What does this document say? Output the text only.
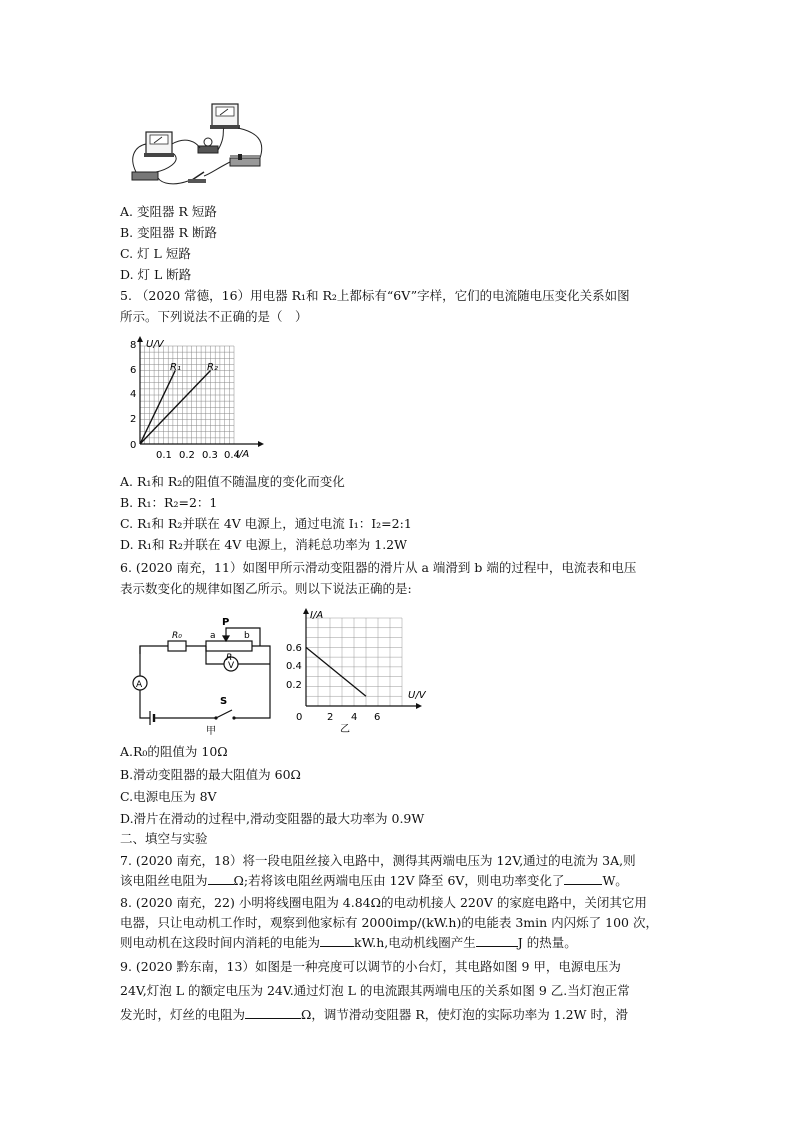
A. 变阻器 R 短路
B. 变阻器 R 断路
C. 灯 L 短路
D. 灯 L 断路
5. （2020 常德，16）用电器 R₁和 R₂上都标有“6V”字样，它们的电流随电压变化关系如图
所示。下列说法不正确的是（　）
U/V
I/A
0
8
6
4
2
0.1 0.2 0.3 0.4
R₁	R₂
A. R₁和 R₂的阻值不随温度的变化而变化
B. R₁：R₂=2：1
C. R₁和 R₂并联在 4V 电源上，通过电流 I₁：I₂=2:1
D. R₁和 R₂并联在 4V 电源上，消耗总功率为 1.2W
6. (2020 南充，11）如图甲所示滑动变阻器的滑片从 a 端滑到 b 端的过程中，电流表和电压
表示数变化的规律如图乙所示。则以下说法正确的是:
R₀
P
a	b
R
V
A
S
甲
I/A
U/V
0
0.6
0.4
0.2
2 4 6
乙
A.R₀的阻值为 10Ω
B.滑动变阻器的最大阻值为 60Ω
C.电源电压为 8V
D.滑片在滑动的过程中,滑动变阻器的最大功率为 0.9W
二、填空与实验
7. (2020 南充，18）将一段电阻丝接入电路中，测得其两端电压为 12V,通过的电流为 3A,则
该电阻丝电阻为 Ω;若将该电阻丝两端电压由 12V 降至 6V，则电功率变化了	W。
8. (2020 南充，22) 小明将线圈电阻为 4.84Ω的电动机接人 220V 的家庭电路中，关闭其它用
电器，只让电动机工作时，观察到他家标有 2000imp/(kW.h)的电能表 3min 内闪烁了 100 次，
则电动机在这段时间内消耗的电能为	kW.h,电动机线圈产生	J 的热量。
9. (2020 黔东南，13）如图是一种亮度可以调节的小台灯，其电路如图 9 甲，电源电压为
24V,灯泡 L 的额定电压为 24V.通过灯泡 L 的电流跟其两端电压的关系如图 9 乙.当灯泡正常
发光时，灯丝的电阻为	Ω，调节滑动变阻器 R，使灯泡的实际功率为 1.2W 时，滑
